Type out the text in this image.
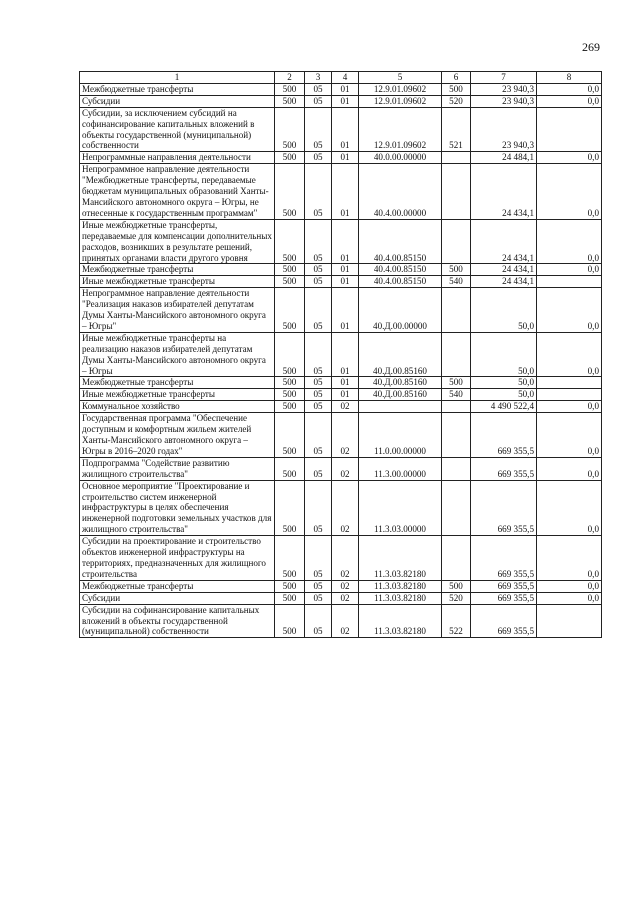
269
1	2	3	4	5	6	7	8
Межбюджетные трансферты	500	05	01	12.9.01.09602	500	23 940,3	0,0
Субсидии	500	05	01	12.9.01.09602	520	23 940,3	0,0
Субсидии, за исключением субсидий на софинансирование капитальных вложений в объекты государственной (муниципальной) собственности	500	05	01	12.9.01.09602	521	23 940,3	
Непрограммные направления деятельности	500	05	01	40.0.00.00000		24 484,1	0,0
Непрограммное направление деятельности "Межбюджетные трансферты, передаваемые бюджетам муниципальных образований Ханты-Мансийского автономного округа – Югры, не отнесенные к государственным программам"	500	05	01	40.4.00.00000		24 434,1	0,0
Иные межбюджетные трансферты, передаваемые для компенсации дополнительных расходов, возникших в результате решений, принятых органами власти другого уровня	500	05	01	40.4.00.85150		24 434,1	0,0
Межбюджетные трансферты	500	05	01	40.4.00.85150	500	24 434,1	0,0
Иные межбюджетные трансферты	500	05	01	40.4.00.85150	540	24 434,1	
Непрограммное направление деятельности "Реализация наказов избирателей депутатам Думы Ханты-Мансийского автономного округа – Югры"	500	05	01	40.Д.00.00000		50,0	0,0
Иные межбюджетные трансферты на реализацию наказов избирателей депутатам Думы Ханты-Мансийского автономного округа – Югры	500	05	01	40.Д.00.85160		50,0	0,0
Межбюджетные трансферты	500	05	01	40.Д.00.85160	500	50,0	
Иные межбюджетные трансферты	500	05	01	40.Д.00.85160	540	50,0	
Коммунальное хозяйство	500	05	02			4 490 522,4	0,0
Государственная программа "Обеспечение доступным и комфортным жильем жителей Ханты-Мансийского автономного округа – Югры в 2016–2020 годах"	500	05	02	11.0.00.00000		669 355,5	0,0
Подпрограмма "Содействие развитию жилищного строительства"	500	05	02	11.3.00.00000		669 355,5	0,0
Основное мероприятие "Проектирование и строительство систем инженерной инфраструктуры в целях обеспечения инженерной подготовки земельных участков для жилищного строительства"	500	05	02	11.3.03.00000		669 355,5	0,0
Субсидии на проектирование и строительство объектов инженерной инфраструктуры на территориях, предназначенных для жилищного строительства	500	05	02	11.3.03.82180		669 355,5	0,0
Межбюджетные трансферты	500	05	02	11.3.03.82180	500	669 355,5	0,0
Субсидии	500	05	02	11.3.03.82180	520	669 355,5	0,0
Субсидии на софинансирование капитальных вложений в объекты государственной (муниципальной) собственности	500	05	02	11.3.03.82180	522	669 355,5	
